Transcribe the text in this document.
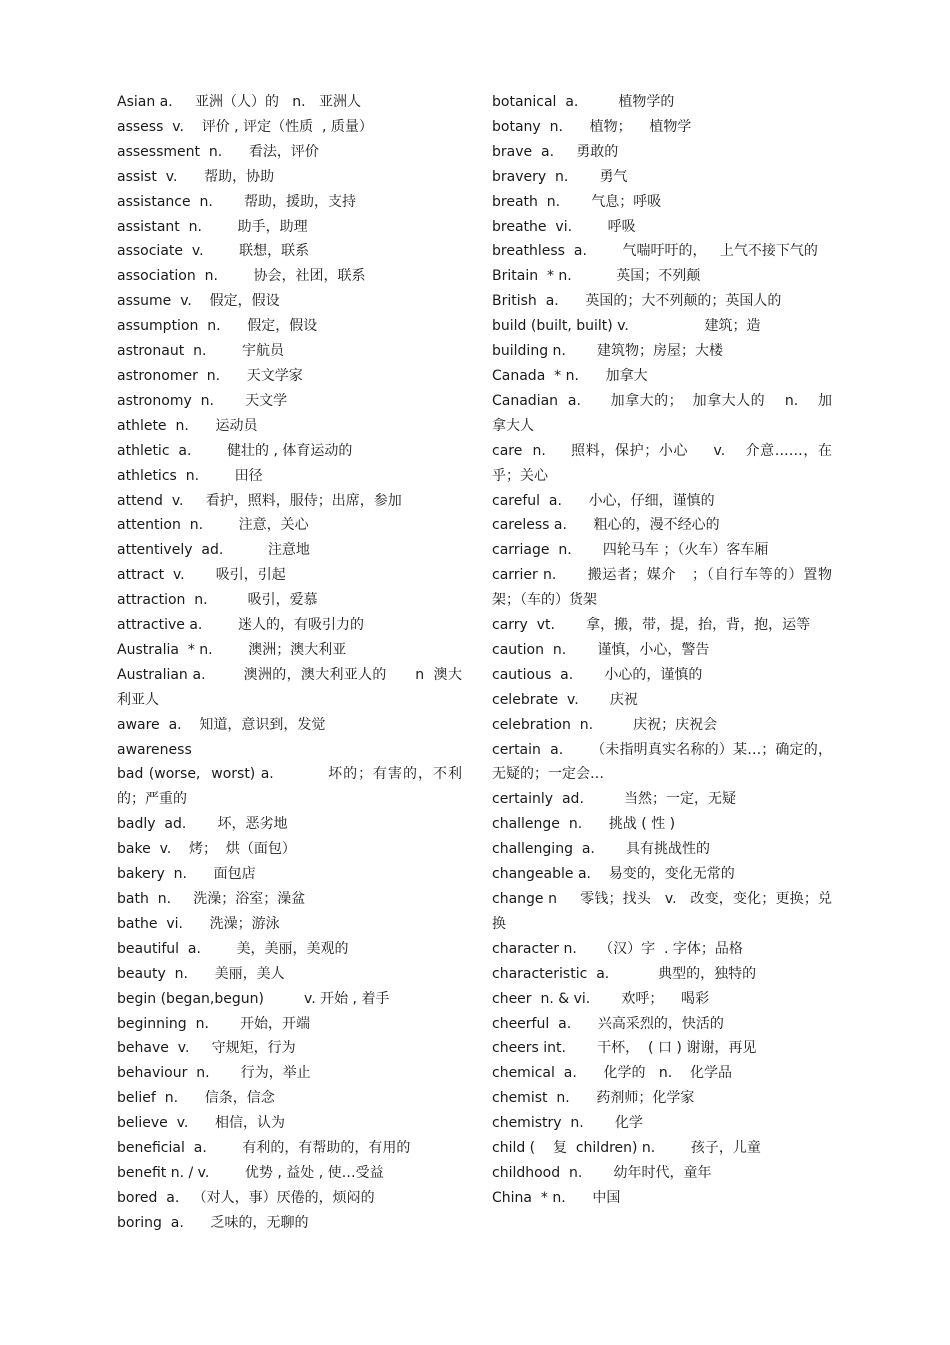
Asian a.     亚洲（人）的   n.   亚洲人
assess  v.    评价 , 评定（性质  , 质量）
assessment  n.      看法，评价
assist  v.      帮助，协助
assistance  n.       帮助，援助，支持
assistant  n.        助手，助理
associate  v.        联想，联系
association  n.        协会，社团，联系
assume  v.    假定，假设
assumption  n.      假定，假设
astronaut  n.        宇航员
astronomer  n.      天文学家
astronomy  n.       天文学
athlete  n.      运动员
athletic  a.        健壮的 , 体育运动的
athletics  n.        田径
attend  v.     看护，照料，服侍；出席，参加
attention  n.        注意，关心
attentively  ad.          注意地
attract  v.       吸引，引起
attraction  n.         吸引，爱慕
attractive a.        迷人的，有吸引力的
Australia  * n.        澳洲；澳大利亚
Australian a.        澳洲的，澳大利亚人的      n  澳大利亚人
aware  a.    知道，意识到，发觉
awareness
bad (worse,  worst) a.          坏的；有害的，不利的；严重的
badly  ad.       坏，恶劣地
bake  v.    烤；  烘（面包）
bakery  n.      面包店
bath  n.     洗澡；浴室；澡盆
bathe  vi.      洗澡；游泳
beautiful  a.        美，美丽，美观的
beauty  n.      美丽，美人
begin (began,begun)         v. 开始 , 着手
beginning  n.       开始，开端
behave  v.     守规矩，行为
behaviour  n.       行为，举止
belief  n.      信条，信念
believe  v.      相信，认为
beneficial  a.        有利的，有帮助的，有用的
benefit n. / v.        优势 , 益处 , 使…受益
bored  a.   （对人，事）厌倦的，烦闷的
boring  a.      乏味的，无聊的
botanical  a.         植物学的
botany  n.      植物；    植物学
brave  a.     勇敢的
bravery  n.       勇气
breath  n.       气息；呼吸
breathe  vi.        呼吸
breathless  a.        气喘吁吁的，   上气不接下气的
Britain  * n.          英国；不列颠
British  a.      英国的；大不列颠的；英国人的
build (built, built) v.                 建筑；造
building n.       建筑物；房屋；大楼
Canada  * n.      加拿大
Canadian  a.      加拿大的；  加拿大人的    n.    加拿大人
care  n.     照料，保护；小心     v.    介意……，在乎；关心
careful  a.      小心，仔细，谨慎的
careless a.      粗心的，漫不经心的
carriage  n.       四轮马车 ；（火车）客车厢
carrier n.      搬运者；媒介   ；（自行车等的）置物架；（车的）货架
carry  vt.       拿，搬，带，提，抬，背，抱，运等
caution  n.       谨慎，小心，警告
cautious  a.       小心的，谨慎的
celebrate  v.       庆祝
celebration  n.         庆祝；庆祝会
certain  a.      （未指明真实名称的）某…；确定的，无疑的；一定会…
certainly  ad.         当然；一定，无疑
challenge  n.      挑战 ( 性 )
challenging  a.       具有挑战性的
changeable a.    易变的，变化无常的
change n     零钱；找头   v.   改变，变化；更换；兑换
character n.     （汉）字  . 字体；品格
characteristic  a.           典型的，独特的
cheer  n. & vi.       欢呼；    喝彩
cheerful  a.      兴高采烈的，快活的
cheers int.       干杯，  ( 口 ) 谢谢，再见
chemical  a.      化学的   n.    化学品
chemist  n.      药剂师；化学家
chemistry  n.       化学
child (    复  children) n.        孩子，儿童
childhood  n.       幼年时代，童年
China  * n.      中国
